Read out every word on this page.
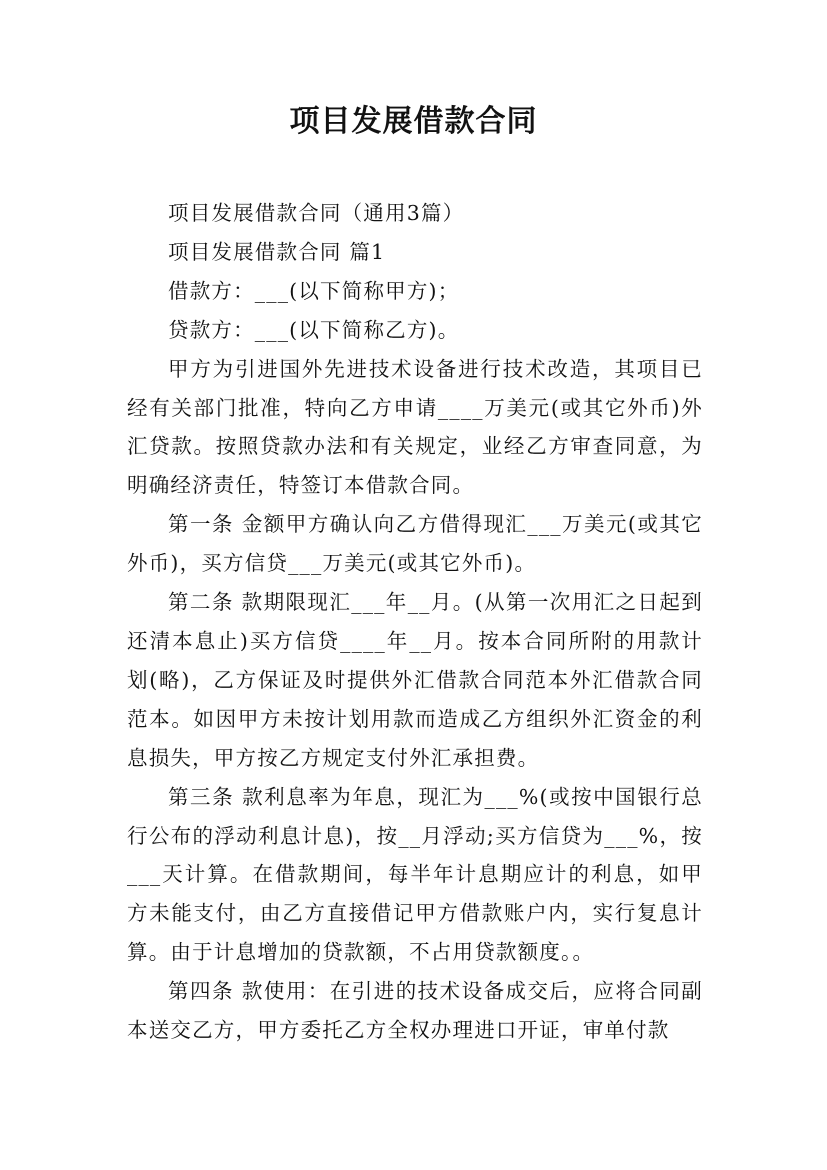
项目发展借款合同

项目发展借款合同（通用3篇）

项目发展借款合同 篇1

借款方：___(以下简称甲方)；

贷款方：___(以下简称乙方)。

甲方为引进国外先进技术设备进行技术改造，其项目已经有关部门批准，特向乙方申请____万美元(或其它外币)外汇贷款。按照贷款办法和有关规定，业经乙方审查同意，为明确经济责任，特签订本借款合同。

第一条 金额甲方确认向乙方借得现汇___万美元(或其它外币)，买方信贷___万美元(或其它外币)。

第二条 款期限现汇___年__月。(从第一次用汇之日起到还清本息止)买方信贷____年__月。按本合同所附的用款计划(略)，乙方保证及时提供外汇借款合同范本外汇借款合同范本。如因甲方未按计划用款而造成乙方组织外汇资金的利息损失，甲方按乙方规定支付外汇承担费。

第三条 款利息率为年息，现汇为___%(或按中国银行总行公布的浮动利息计息)，按__月浮动;买方信贷为___%，按___天计算。在借款期间，每半年计息期应计的利息，如甲方未能支付，由乙方直接借记甲方借款账户内，实行复息计算。由于计息增加的贷款额，不占用贷款额度。。

第四条 款使用：在引进的技术设备成交后，应将合同副本送交乙方，甲方委托乙方全权办理进口开证，审单付款
